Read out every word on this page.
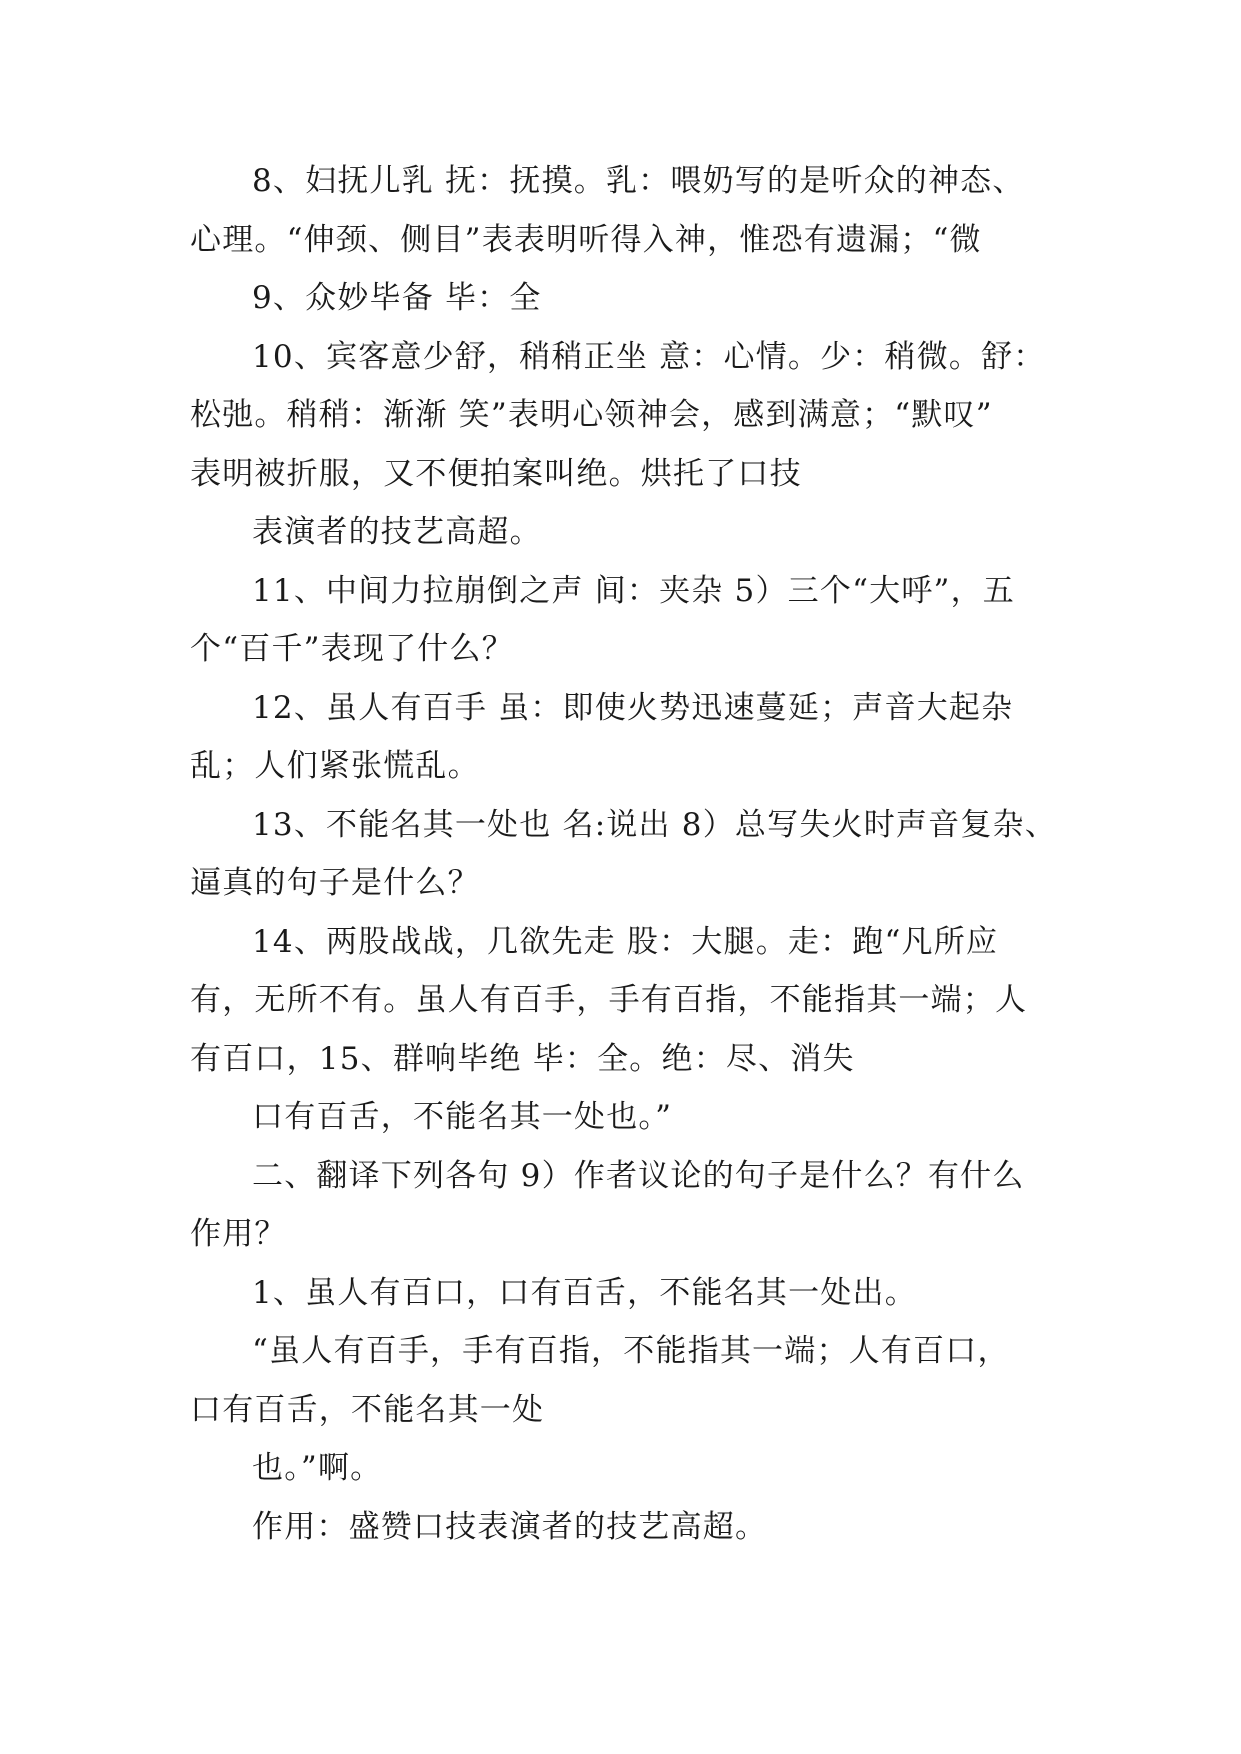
8、妇抚儿乳 抚：抚摸。乳：喂奶写的是听众的神态、
心理。“伸颈、侧目”表表明听得入神，惟恐有遗漏；“微

9、众妙毕备 毕：全

10、宾客意少舒，稍稍正坐 意：心情。少：稍微。舒：
松弛。稍稍：渐渐 笑”表明心领神会，感到满意；“默叹”
表明被折服，又不便拍案叫绝。烘托了口技

表演者的技艺高超。

11、中间力拉崩倒之声 间：夹杂 5）三个“大呼”，五
个“百千”表现了什么？

12、虽人有百手 虽：即使火势迅速蔓延；声音大起杂
乱；人们紧张慌乱。

13、不能名其一处也 名:说出 8）总写失火时声音复杂、
逼真的句子是什么？

14、两股战战，几欲先走 股：大腿。走：跑“凡所应
有，无所不有。虽人有百手，手有百指，不能指其一端；人
有百口，15、群响毕绝 毕：全。绝：尽、消失

口有百舌，不能名其一处也。”

二、翻译下列各句 9）作者议论的句子是什么？有什么
作用？

1、虽人有百口，口有百舌，不能名其一处出。

“虽人有百手，手有百指，不能指其一端；人有百口，
口有百舌，不能名其一处

也。”啊。

作用：盛赞口技表演者的技艺高超。
